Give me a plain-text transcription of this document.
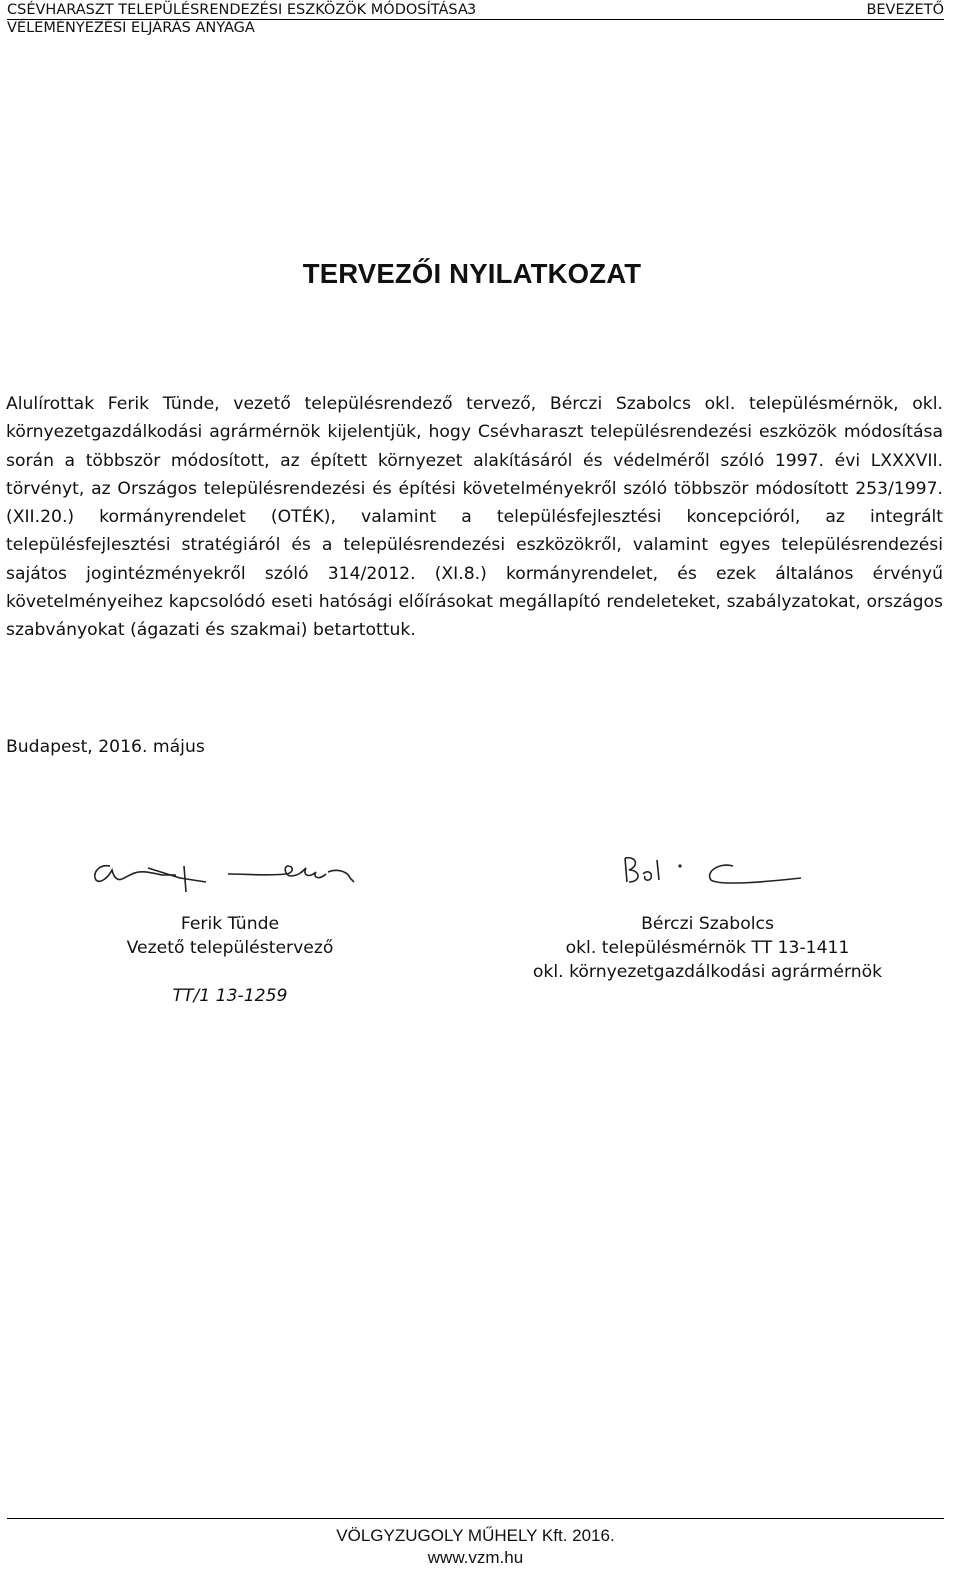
CSÉVHARASZT TELEPÜLÉSRENDEZÉSI ESZKÖZÖK MÓDOSÍTÁSA 3	BEVEZETŐ
VÉLEMÉNYEZÉSI ELJÁRÁS ANYAGA
TERVEZŐI NYILATKOZAT

Alulírottak Ferik Tünde, vezető településrendező tervező, Bérczi Szabolcs okl. településmérnök, okl. környezetgazdálkodási agrármérnök kijelentjük, hogy Csévharaszt településrendezési eszközök módosítása során a többször módosított, az épített környezet alakításáról és védelméről szóló 1997. évi LXXXVII. törvényt, az Országos településrendezési és építési követelményekről szóló többször módosított 253/1997. (XII.20.) kormányrendelet (OTÉK), valamint a településfejlesztési koncepcióról, az integrált településfejlesztési stratégiáról és a településrendezési eszközökről, valamint egyes településrendezési sajátos jogintézményekről szóló 314/2012. (XI.8.) kormányrendelet, és ezek általános érvényű követelményeihez kapcsolódó eseti hatósági előírásokat megállapító rendeleteket, szabályzatokat, országos szabványokat (ágazati és szakmai) betartottuk.

Budapest, 2016. május
Ferik Tünde
Vezető településtervező
TT/1 13-1259
Bérczi Szabolcs
okl. településmérnök TT 13-1411
okl. környezetgazdálkodási agrármérnök
VÖLGYZUGOLY MŰHELY Kft. 2016.
www.vzm.hu
